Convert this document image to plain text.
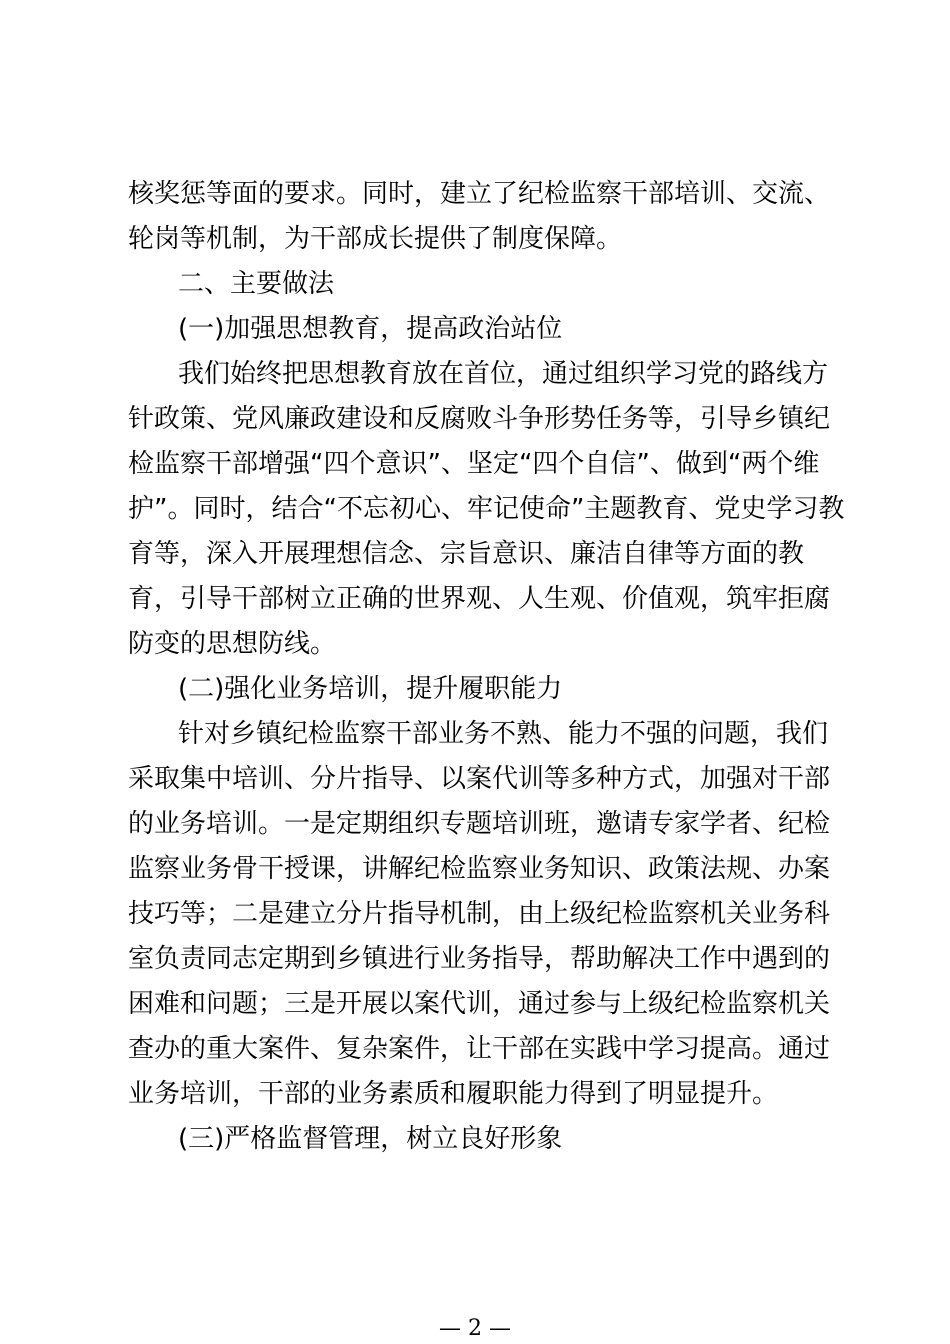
核奖惩等面的要求。同时，建立了纪检监察干部培训、交流、
轮岗等机制，为干部成长提供了制度保障。
二、主要做法
(一)加强思想教育，提高政治站位
我们始终把思想教育放在首位，通过组织学习党的路线方
针政策、党风廉政建设和反腐败斗争形势任务等，引导乡镇纪
检监察干部增强“四个意识”、坚定“四个自信”、做到“两个维
护”。同时，结合“不忘初心、牢记使命”主题教育、党史学习教
育等，深入开展理想信念、宗旨意识、廉洁自律等方面的教
育，引导干部树立正确的世界观、人生观、价值观，筑牢拒腐
防变的思想防线。
(二)强化业务培训，提升履职能力
针对乡镇纪检监察干部业务不熟、能力不强的问题，我们
采取集中培训、分片指导、以案代训等多种方式，加强对干部
的业务培训。一是定期组织专题培训班，邀请专家学者、纪检
监察业务骨干授课，讲解纪检监察业务知识、政策法规、办案
技巧等；二是建立分片指导机制，由上级纪检监察机关业务科
室负责同志定期到乡镇进行业务指导，帮助解决工作中遇到的
困难和问题；三是开展以案代训，通过参与上级纪检监察机关
查办的重大案件、复杂案件，让干部在实践中学习提高。通过
业务培训，干部的业务素质和履职能力得到了明显提升。
(三)严格监督管理，树立良好形象
— 2 —
